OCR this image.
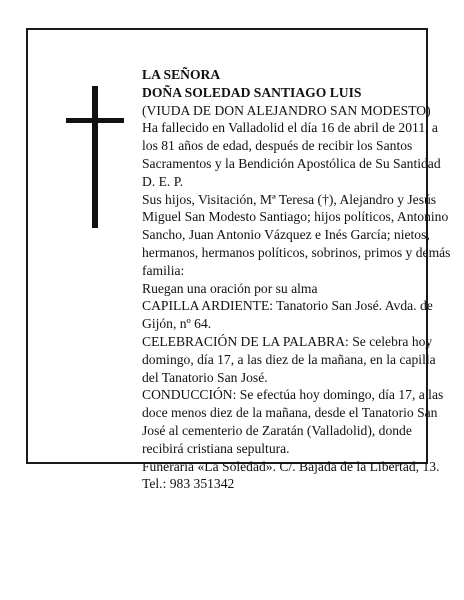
LA SEÑORA

DOÑA SOLEDAD SANTIAGO LUIS

(VIUDA DE DON ALEJANDRO SAN MODESTO)

Ha fallecido en Valladolid el día 16 de abril de 2011, a los 81 años de edad, después de recibir los Santos Sacramentos y la Bendición Apostólica de Su Santidad

D. E. P.

Sus hijos, Visitación, Mª Teresa (†), Alejandro y Jesús Miguel San Modesto Santiago; hijos políticos, Antonino Sancho, Juan Antonio Vázquez e Inés García; nietos, hermanos, hermanos políticos, sobrinos, primos y demás familia:

Ruegan una oración por su alma

CAPILLA ARDIENTE: Tanatorio San José. Avda. de Gijón, nº 64.

CELEBRACIÓN DE LA PALABRA: Se celebra hoy domingo, día 17, a las diez de la mañana, en la capilla del Tanatorio San José.

CONDUCCIÓN: Se efectúa hoy domingo, día 17, a las doce menos diez de la mañana, desde el Tanatorio San José al cementerio de Zaratán (Valladolid), donde recibirá cristiana sepultura.

Funeraria «La Soledad». C/. Bajada de la Libertad, 13.

Tel.: 983 351342
